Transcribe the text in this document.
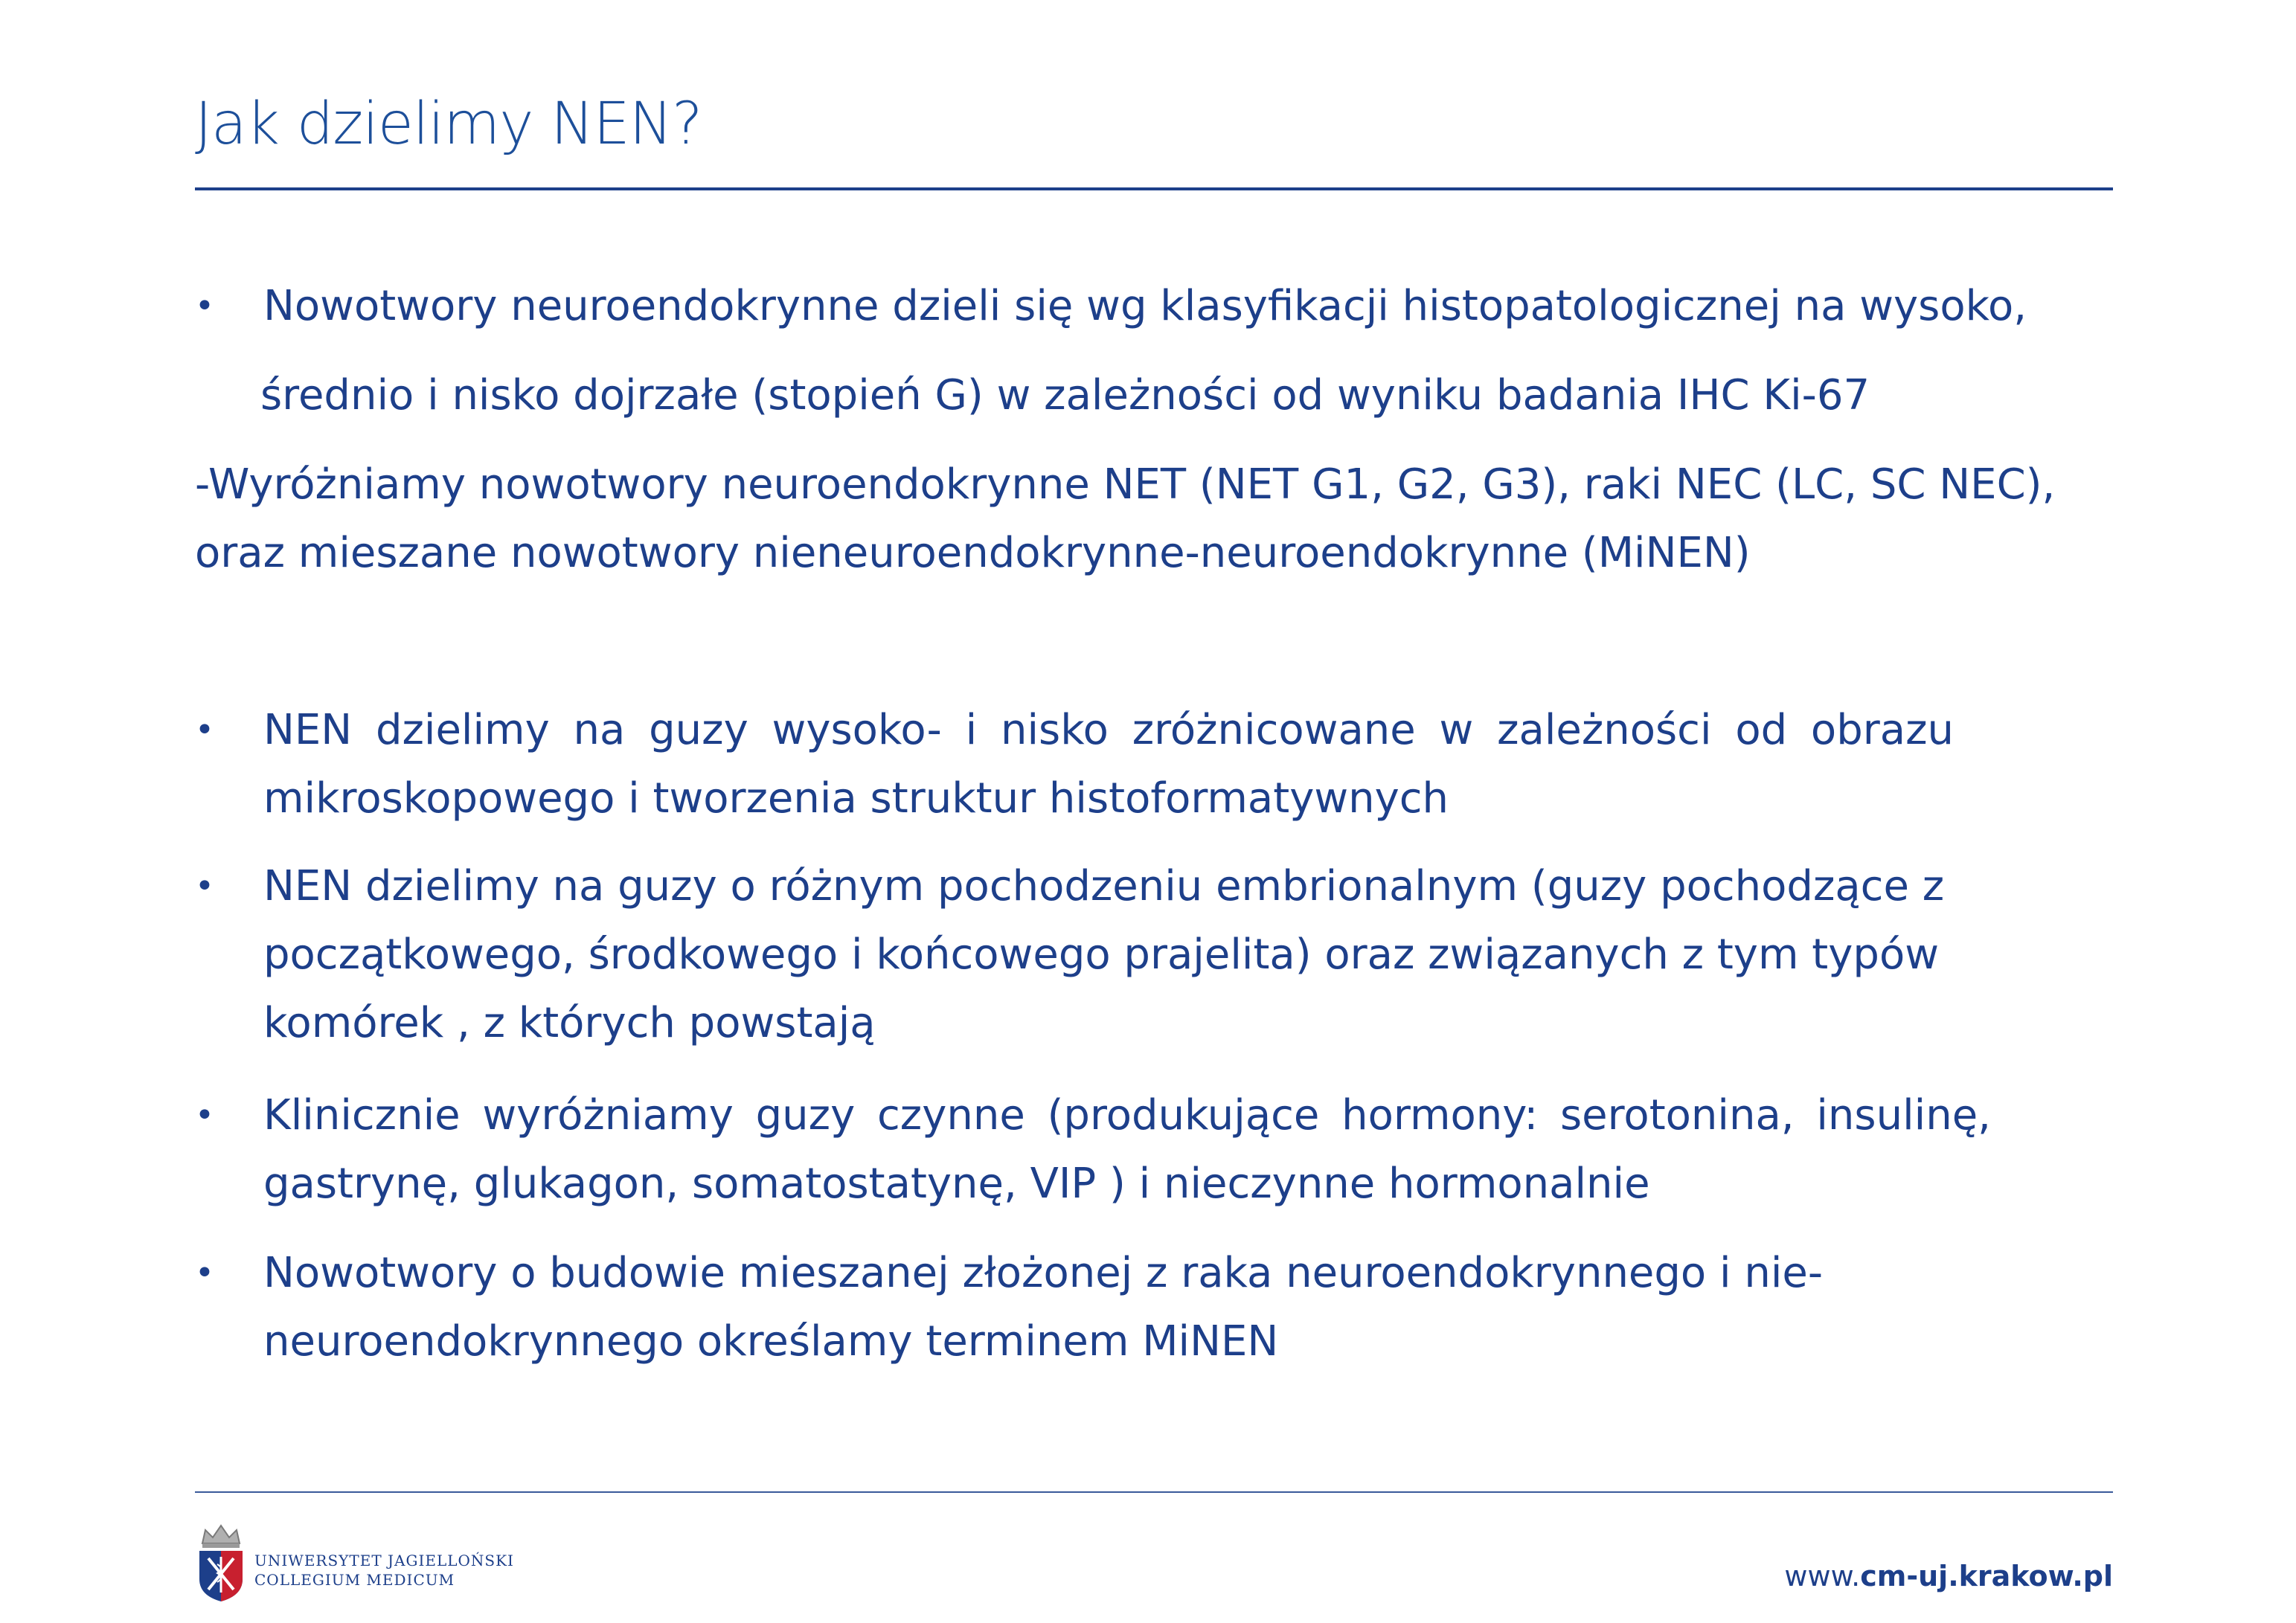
Jak dzielimy NEN?
•	Nowotwory neuroendokrynne dzieli się wg klasyfikacji histopatologicznej na wysoko,
średnio i nisko dojrzałe (stopień G) w zależności od wyniku badania IHC Ki-67
-Wyróżniamy nowotwory neuroendokrynne NET (NET G1, G2, G3), raki NEC (LC, SC NEC),
oraz mieszane nowotwory nieneuroendokrynne-neuroendokrynne (MiNEN)
•	NEN dzielimy na guzy wysoko- i nisko zróżnicowane w zależności od obrazu
mikroskopowego i tworzenia struktur histoformatywnych
•	NEN dzielimy na guzy o różnym pochodzeniu embrionalnym (guzy pochodzące z
początkowego, środkowego i końcowego prajelita) oraz związanych z tym typów
komórek , z których powstają
•	Klinicznie wyróżniamy guzy czynne (produkujące hormony: serotonina, insulinę,
gastrynę, glukagon, somatostatynę, VIP ) i nieczynne hormonalnie
•	Nowotwory o budowie mieszanej złożonej z raka neuroendokrynnego i nie-
neuroendokrynnego określamy terminem MiNEN
UNIWERSYTET JAGIELLOŃSKI
COLLEGIUM MEDICUM	www.cm-uj.krakow.pl
